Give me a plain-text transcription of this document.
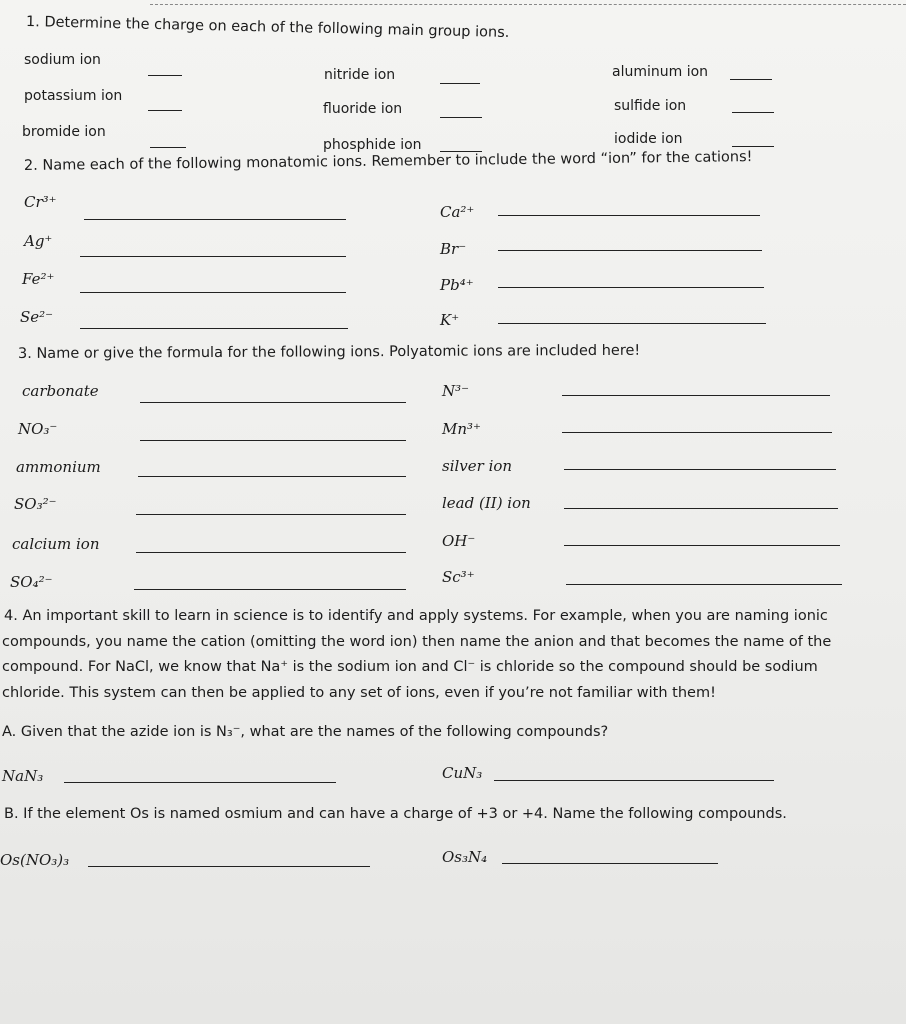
1. Determine the charge on each of the following main group ions.
sodium ion
potassium ion
bromide ion
nitride ion
fluoride ion
phosphide ion
aluminum ion
sulfide ion
iodide ion
2. Name each of the following monatomic ions. Remember to include the word “ion” for the cations!
Cr³⁺
Ag⁺
Fe²⁺
Se²⁻
Ca²⁺
Br⁻
Pb⁴⁺
K⁺
3. Name or give the formula for the following ions. Polyatomic ions are included here!
carbonate
NO₃⁻
ammonium
SO₃²⁻
calcium ion
SO₄²⁻
N³⁻
Mn³⁺
silver ion
lead (II) ion
OH⁻
Sc³⁺
4. An important skill to learn in science is to identify and apply systems. For example, when you are naming ionic
compounds, you name the cation (omitting the word ion) then name the anion and that becomes the name of the
compound. For NaCl, we know that Na⁺ is the sodium ion and Cl⁻ is chloride so the compound should be sodium
chloride. This system can then be applied to any set of ions, even if you’re not familiar with them!
A. Given that the azide ion is N₃⁻, what are the names of the following compounds?
NaN₃	CuN₃
B. If the element Os is named osmium and can have a charge of +3 or +4. Name the following compounds.
Os(NO₃)₃	Os₃N₄
